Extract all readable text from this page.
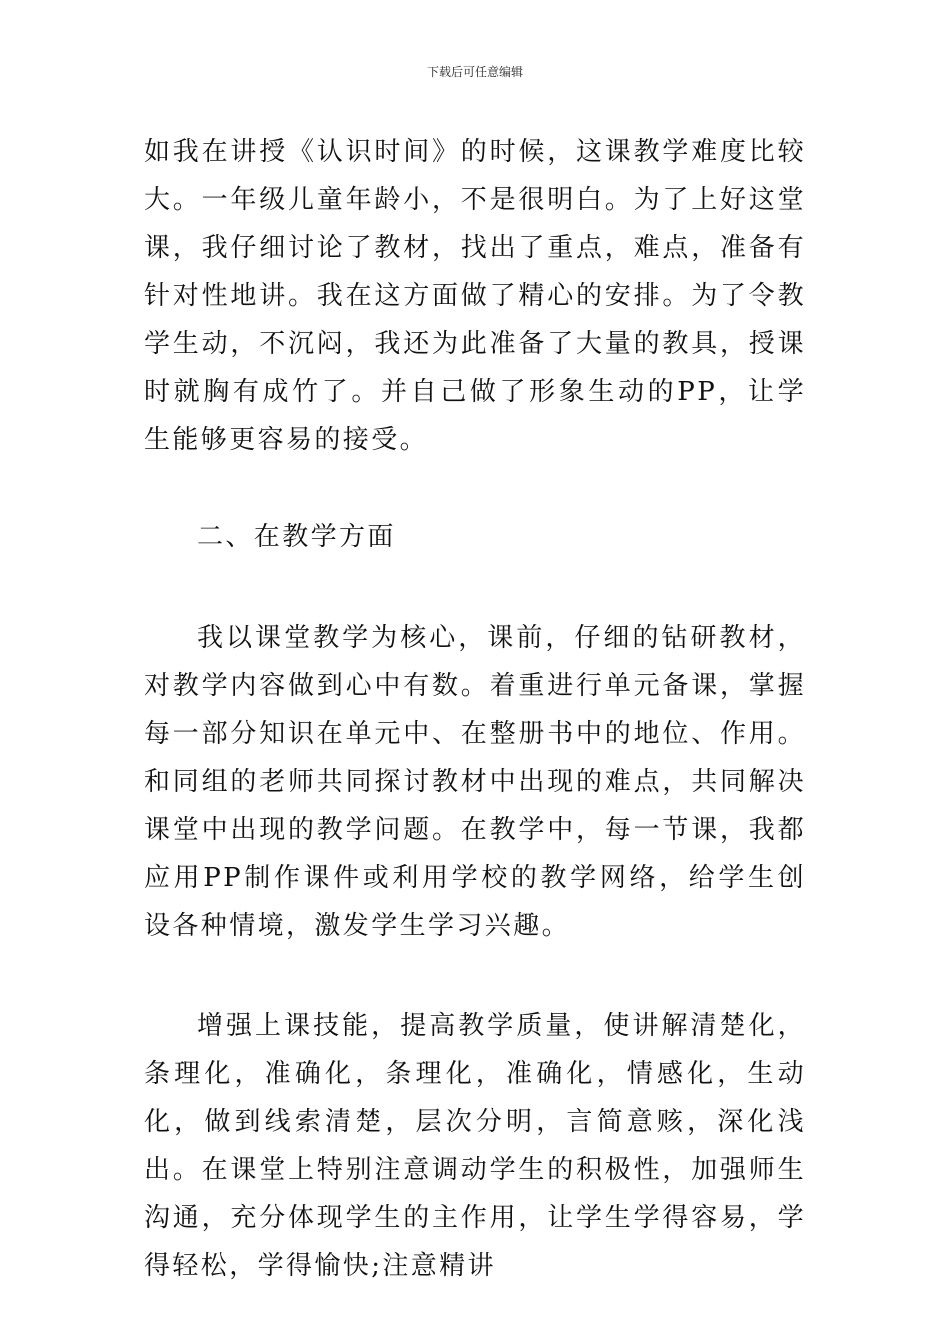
下载后可任意编辑

如我在讲授《认识时间》的时候，这课教学难度比较大。一年级儿童年龄小，不是很明白。为了上好这堂课，我仔细讨论了教材，找出了重点，难点，准备有针对性地讲。我在这方面做了精心的安排。为了令教学生动，不沉闷，我还为此准备了大量的教具，授课时就胸有成竹了。并自己做了形象生动的PP，让学生能够更容易的接受。

二、在教学方面

我以课堂教学为核心，课前，仔细的钻研教材，对教学内容做到心中有数。着重进行单元备课，掌握每一部分知识在单元中、在整册书中的地位、作用。和同组的老师共同探讨教材中出现的难点，共同解决课堂中出现的教学问题。在教学中，每一节课，我都应用PP制作课件或利用学校的教学网络，给学生创设各种情境，激发学生学习兴趣。

增强上课技能，提高教学质量，使讲解清楚化，条理化，准确化，条理化，准确化，情感化，生动化，做到线索清楚，层次分明，言简意赅，深化浅出。在课堂上特别注意调动学生的积极性，加强师生沟通，充分体现学生的主作用，让学生学得容易，学得轻松，学得愉快;注意精讲
